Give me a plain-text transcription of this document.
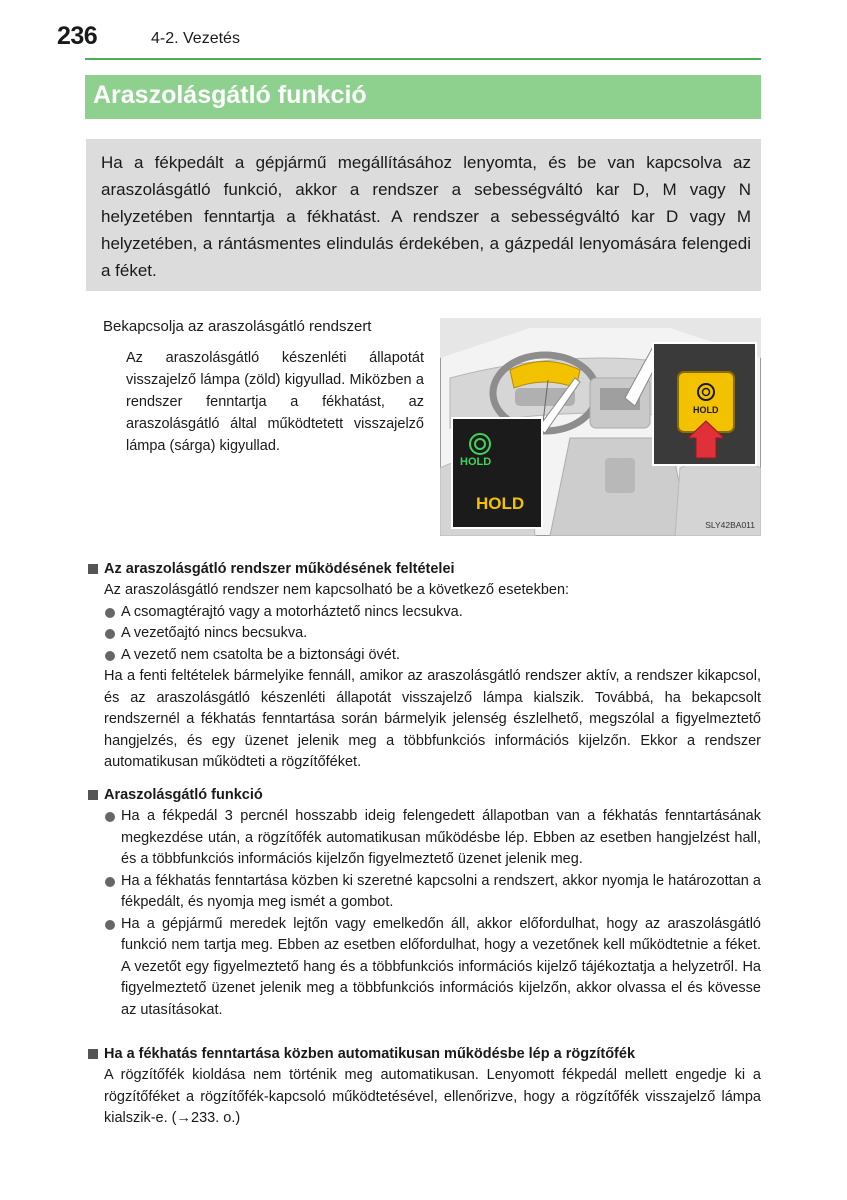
236	4-2. Vezetés
Araszolásgátló funkció

Ha a fékpedált a gépjármű megállításához lenyomta, és be van kapcsolva az araszolásgátló funkció, akkor a rendszer a sebességváltó kar D, M vagy N helyzetében fenntartja a fékhatást. A rendszer a sebességváltó kar D vagy M helyzetében, a rántásmentes elindulás érdekében, a gázpedál lenyomására felengedi a féket.

Bekapcsolja az araszolásgátló rendszert

Az araszolásgátló készenléti állapotát visszajelző lámpa (zöld) kigyullad. Miközben a rendszer fenntartja a fékhatást, az araszolásgátló által működtetett visszajelző lámpa (sárga) kigyullad.

HOLD
HOLD
HOLD
SLY42BA011
Az araszolásgátló rendszer működésének feltételei

Az araszolásgátló rendszer nem kapcsolható be a következő esetekben:

A csomagtérajtó vagy a motorháztető nincs lecsukva.
A vezetőajtó nincs becsukva.
A vezető nem csatolta be a biztonsági övét.

Ha a fenti feltételek bármelyike fennáll, amikor az araszolásgátló rendszer aktív, a rendszer kikapcsol, és az araszolásgátló készenléti állapotát visszajelző lámpa kialszik. Továbbá, ha bekapcsolt rendszernél a fékhatás fenntartása során bármelyik jelenség észlelhető, megszólal a figyelmeztető hangjelzés, és egy üzenet jelenik meg a többfunkciós információs kijelzőn. Ekkor a rendszer automatikusan működteti a rögzítőféket.

Araszolásgátló funkció
Ha a fékpedál 3 percnél hosszabb ideig felengedett állapotban van a fékhatás fenntartásának megkezdése után, a rögzítőfék automatikusan működésbe lép. Ebben az esetben hangjelzést hall, és a többfunkciós információs kijelzőn figyelmeztető üzenet jelenik meg.
Ha a fékhatás fenntartása közben ki szeretné kapcsolni a rendszert, akkor nyomja le határozottan a fékpedált, és nyomja meg ismét a gombot.
Ha a gépjármű meredek lejtőn vagy emelkedőn áll, akkor előfordulhat, hogy az araszolásgátló funkció nem tartja meg. Ebben az esetben előfordulhat, hogy a vezetőnek kell működtetnie a féket. A vezetőt egy figyelmeztető hang és a többfunkciós információs kijelző tájékoztatja a helyzetről. Ha figyelmeztető üzenet jelenik meg a többfunkciós információs kijelzőn, akkor olvassa el és kövesse az utasításokat.
Ha a fékhatás fenntartása közben automatikusan működésbe lép a rögzítőfék

A rögzítőfék kioldása nem történik meg automatikusan. Lenyomott fékpedál mellett engedje ki a rögzítőféket a rögzítőfék-kapcsoló működtetésével, ellenőrizve, hogy a rögzítőfék visszajelző lámpa kialszik-e. (→233. o.)
